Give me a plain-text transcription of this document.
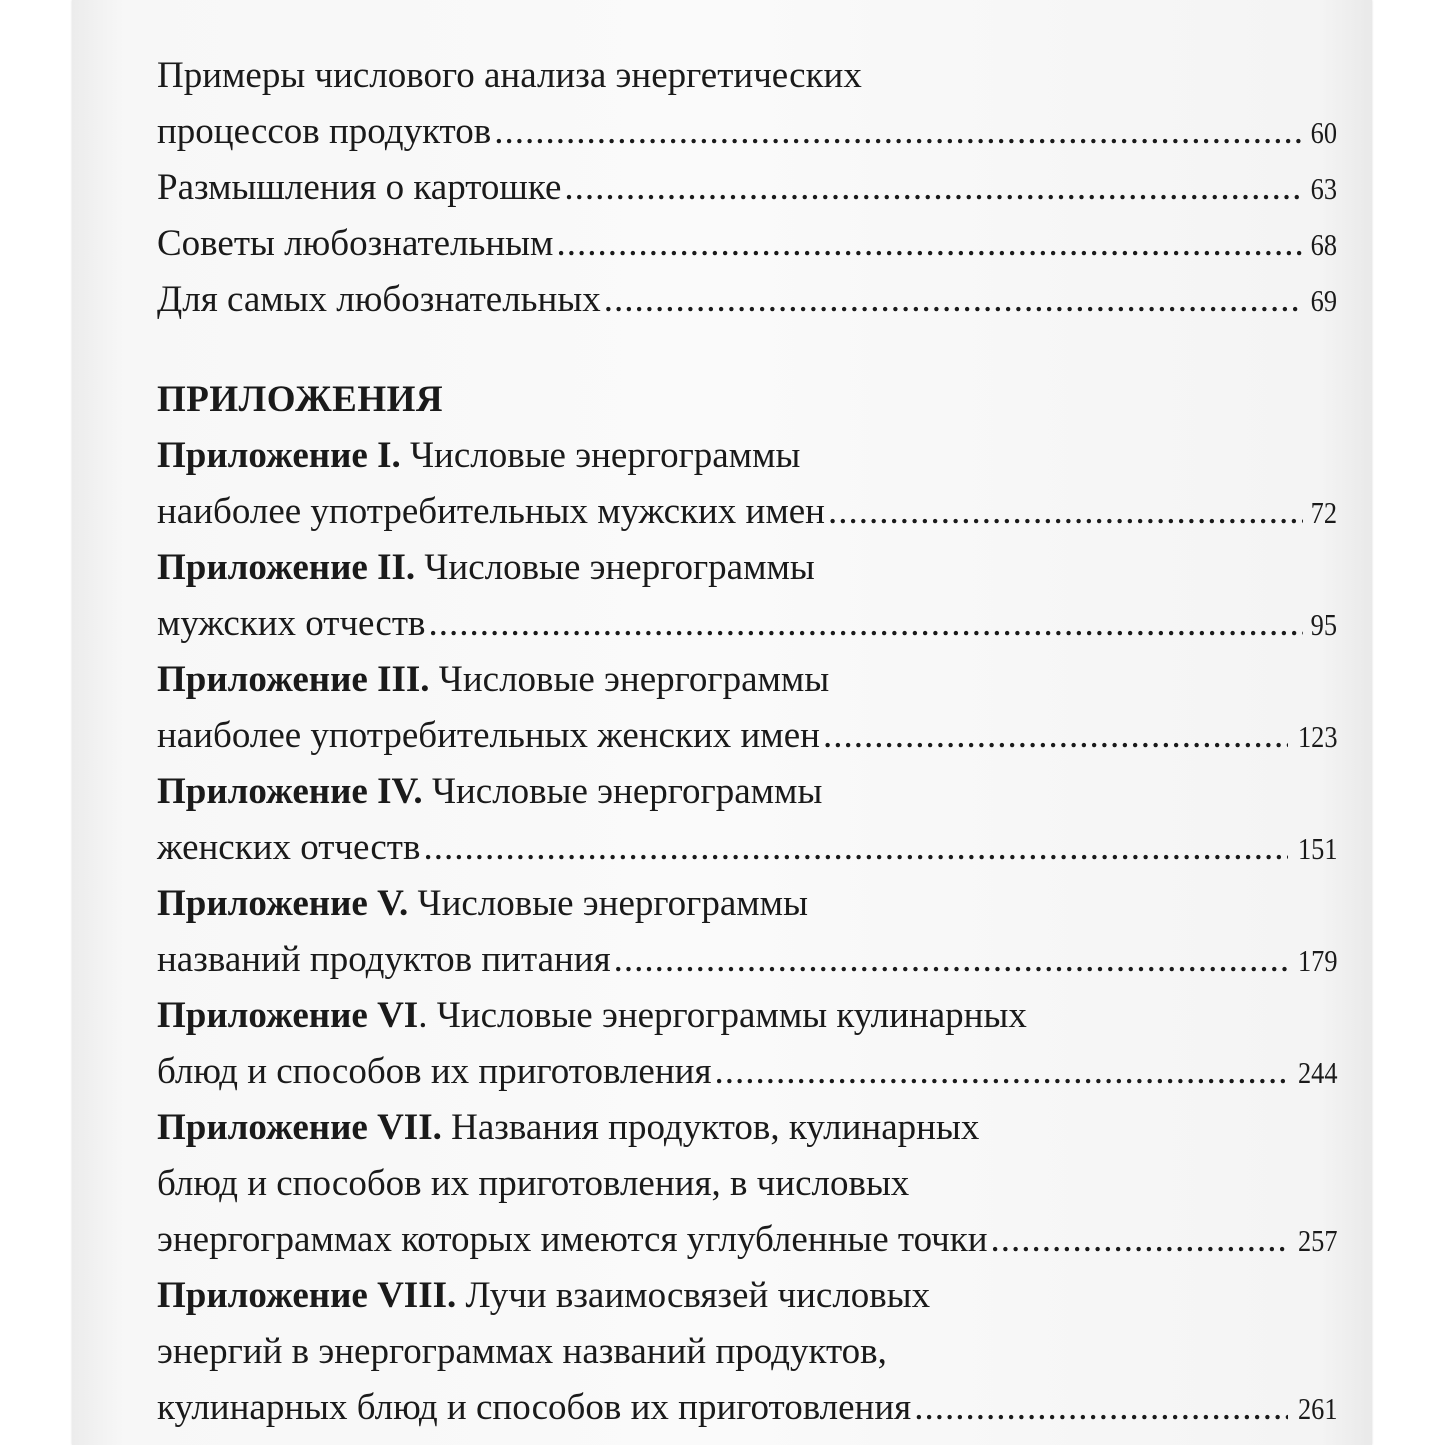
Примеры числового анализа энергетических
процессов продуктов .....	60
Размышления о картошке .....	63
Советы любознательным .....	68
Для самых любознательных .....	69
ПРИЛОЖЕНИЯ
Приложение I. Числовые энергограммы
наиболее употребительных мужских имен .....	72
Приложение II. Числовые энергограммы
мужских отчеств .....	95
Приложение III. Числовые энергограммы
наиболее употребительных женских имен .....	123
Приложение IV. Числовые энергограммы
женских отчеств .....	151
Приложение V. Числовые энергограммы
названий продуктов питания .....	179
Приложение VI. Числовые энергограммы кулинарных
блюд и способов их приготовления .....	244
Приложение VII. Названия продуктов, кулинарных
блюд и способов их приготовления, в числовых
энергограммах которых имеются углубленные точки .....	257
Приложение VIII. Лучи взаимосвязей числовых
энергий в энергограммах названий продуктов,
кулинарных блюд и способов их приготовления .....	261
